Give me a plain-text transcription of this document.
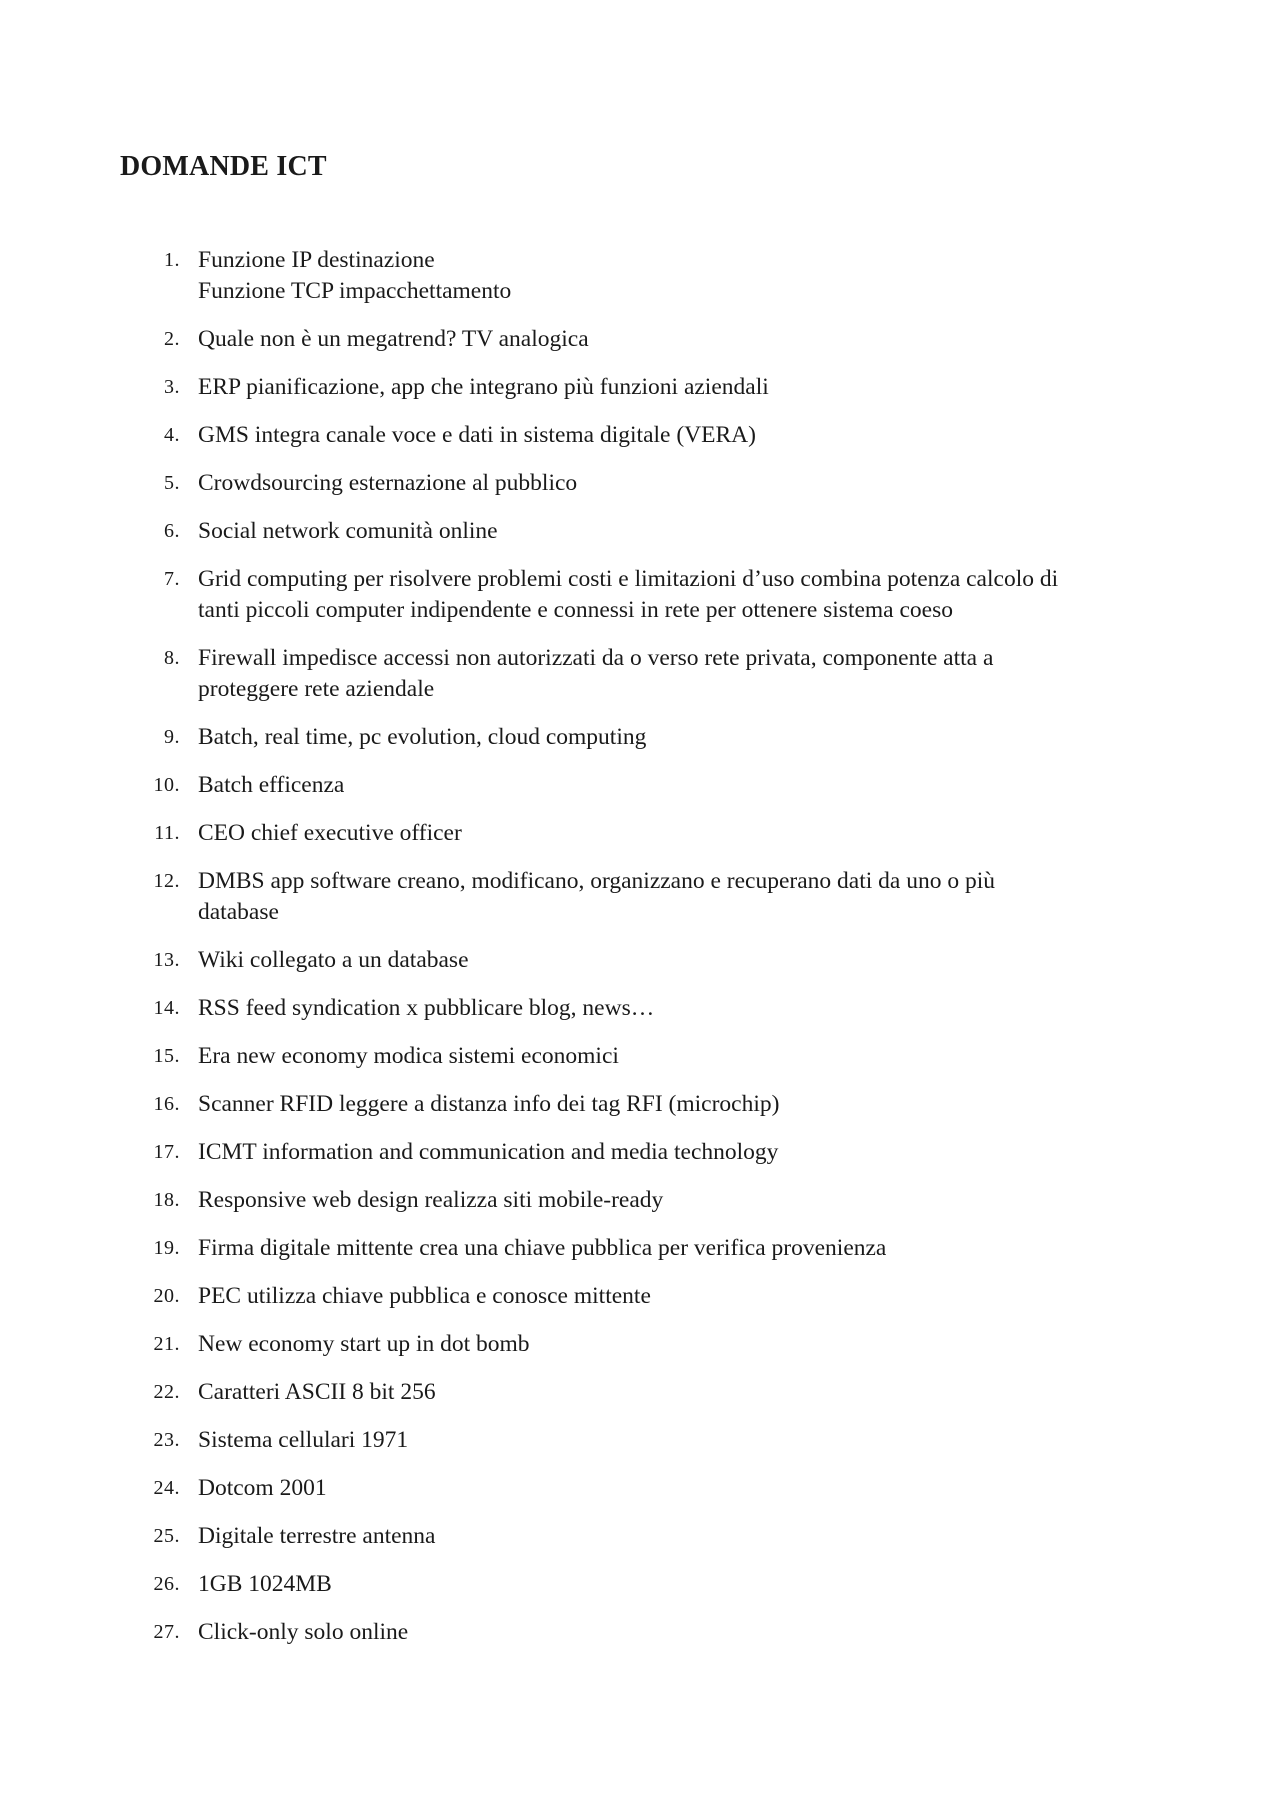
DOMANDE ICT
1. Funzione IP destinazione
Funzione TCP impacchettamento
2. Quale non è un megatrend? TV analogica
3. ERP pianificazione, app che integrano più funzioni aziendali
4. GMS integra canale voce e dati in sistema digitale (VERA)
5. Crowdsourcing esternazione al pubblico
6. Social network comunità online
7. Grid computing per risolvere problemi costi e limitazioni d’uso combina potenza calcolo di
tanti piccoli computer indipendente e connessi in rete per ottenere sistema coeso
8. Firewall impedisce accessi non autorizzati da o verso rete privata, componente atta a
proteggere rete aziendale
9. Batch, real time, pc evolution, cloud computing
10. Batch efficenza
11. CEO chief executive officer
12. DMBS app software creano, modificano, organizzano e recuperano dati da uno o più
database
13. Wiki collegato a un database
14. RSS feed syndication x pubblicare blog, news…
15. Era new economy modica sistemi economici
16. Scanner RFID leggere a distanza info dei tag RFI (microchip)
17. ICMT information and communication and media technology
18. Responsive web design realizza siti mobile-ready
19. Firma digitale mittente crea una chiave pubblica per verifica provenienza
20. PEC utilizza chiave pubblica e conosce mittente
21. New economy start up in dot bomb
22. Caratteri ASCII 8 bit 256
23. Sistema cellulari 1971
24. Dotcom 2001
25. Digitale terrestre antenna
26. 1GB 1024MB
27. Click-only solo online
